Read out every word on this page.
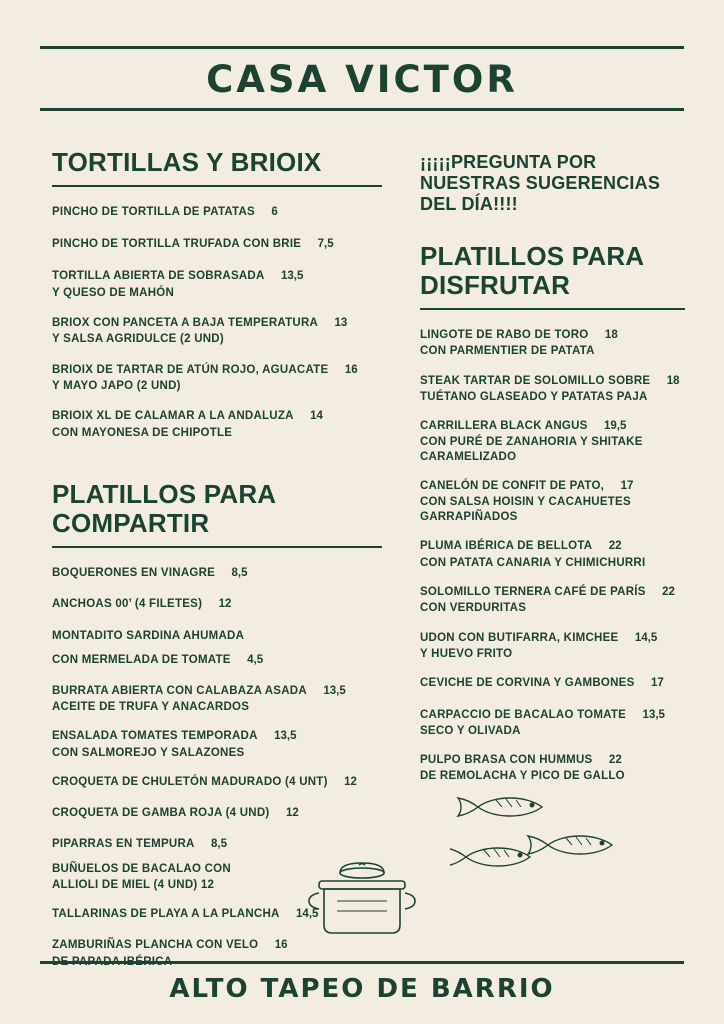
CASA VICTOR
TORTILLAS Y BRIOIX
PINCHO DE TORTILLA DE PATATAS 6
PINCHO DE TORTILLA TRUFADA CON BRIE 7,5
TORTILLA ABIERTA DE SOBRASADA 13,5
Y QUESO DE MAHÓN
BRIOX CON PANCETA A BAJA TEMPERATURA 13
Y SALSA AGRIDULCE (2 UND)
BRIOIX DE TARTAR DE ATÚN ROJO, AGUACATE 16
Y MAYO JAPO (2 UND)
BRIOIX XL DE CALAMAR A LA ANDALUZA 14
CON MAYONESA DE CHIPOTLE
PLATILLOS PARA COMPARTIR
BOQUERONES EN VINAGRE 8,5
ANCHOAS 00’ (4 FILETES) 12
MONTADITO SARDINA AHUMADA
CON MERMELADA DE TOMATE 4,5
BURRATA ABIERTA CON CALABAZA ASADA 13,5
ACEITE DE TRUFA Y ANACARDOS
ENSALADA TOMATES TEMPORADA 13,5
CON SALMOREJO Y SALAZONES
CROQUETA DE CHULETÓN MADURADO (4 UNT) 12
CROQUETA DE GAMBA ROJA (4 UND) 12
PIPARRAS EN TEMPURA 8,5
BUÑUELOS DE BACALAO CON
ALLIOLI DE MIEL (4 UND) 12
TALLARINAS DE PLAYA A LA PLANCHA 14,5
ZAMBURIÑAS PLANCHA CON VELO 16
¡¡¡¡¡PREGUNTA POR NUESTRAS SUGERENCIAS DEL DÍA!!!!
PLATILLOS PARA DISFRUTAR
LINGOTE DE RABO DE TORO 18
CON PARMENTIER DE PATATA
STEAK TARTAR DE SOLOMILLO SOBRE 18
TUÉTANO GLASEADO Y PATATAS PAJA
CARRILLERA BLACK ANGUS 19,5
CON PURÉ DE ZANAHORIA Y SHITAKE CARAMELIZADO
CANELÓN DE CONFIT DE PATO, 17
CON SALSA HOISIN Y CACAHUETES GARRAPIÑADOS
PLUMA IBÉRICA DE BELLOTA 22
CON PATATA CANARIA Y CHIMICHURRI
SOLOMILLO TERNERA CAFÉ DE PARÍS 22
CON VERDURITAS
UDON CON BUTIFARRA, KIMCHEE 14,5
Y HUEVO FRITO
CEVICHE DE CORVINA Y GAMBONES 17
CARPACCIO DE BACALAO TOMATE 13,5
SECO Y OLIVADA
PULPO BRASA CON HUMMUS 22
DE REMOLACHA Y PICO DE GALLO
ALTO TAPEO DE BARRIO
